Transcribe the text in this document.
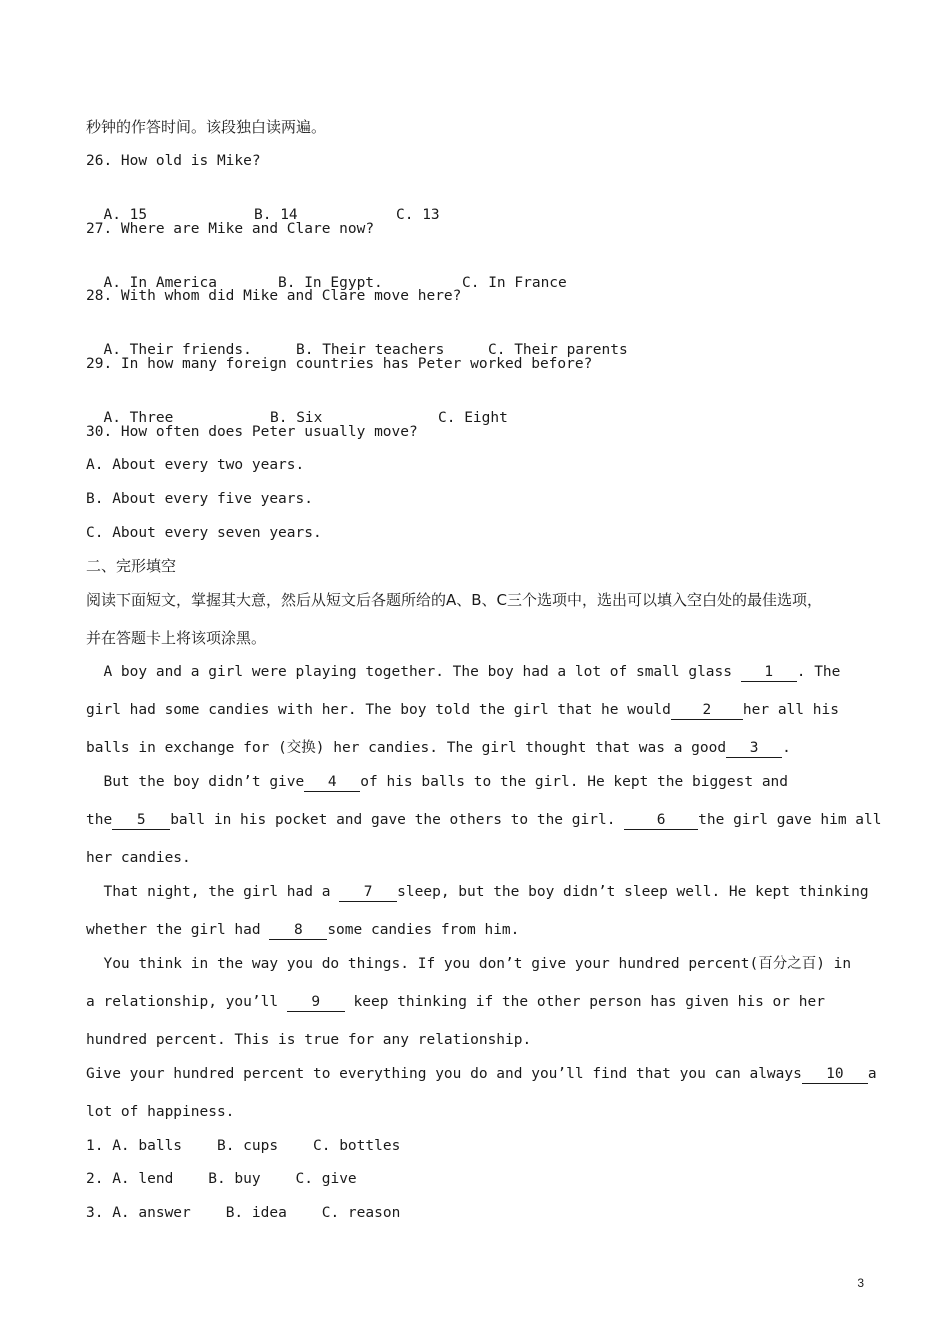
秒钟的作答时间。该段独白读两遍。
26. How old is Mike?

A. 15	B. 14	C. 13

27. Where are Mike and Clare now?

A. In America	B. In Egypt.	C. In France

28. With whom did Mike and Clare move here?

A. Their friends.	B. Their teachers	C. Their parents

29. In how many foreign countries has Peter worked before?

A. Three	B. Six	C. Eight

30. How often does Peter usually move?
A. About every two years.
B. About every five years.
C. About every seven years.
二、完形填空
阅读下面短文，掌握其大意，然后从短文后各题所给的A、B、C三个选项中，选出可以填入空白处的最佳选项，
并在答题卡上将该项涂黑。
A boy and a girl were playing together. The boy had a lot of small glass 1 . The
girl had some candies with her. The boy told the girl that he would 2 her all his
balls in exchange for (交换) her candies. The girl thought that was a good 3 .
But the boy didn’t give 4 of his balls to the girl. He kept the biggest and
the 5 ball in his pocket and gave the others to the girl. 6 the girl gave him all
her candies.
That night, the girl had a 7 sleep, but the boy didn’t sleep well. He kept thinking
whether the girl had 8 some candies from him.
You think in the way you do things. If you don’t give your hundred percent(百分之百) in
a relationship, you’ll 9 keep thinking if the other person has given his or her
hundred percent. This is true for any relationship.
Give your hundred percent to everything you do and you’ll find that you can always 10 a
lot of happiness.
1. A. balls B. cups C. bottles
2. A. lend B. buy C. give
3. A. answer B. idea C. reason
3
